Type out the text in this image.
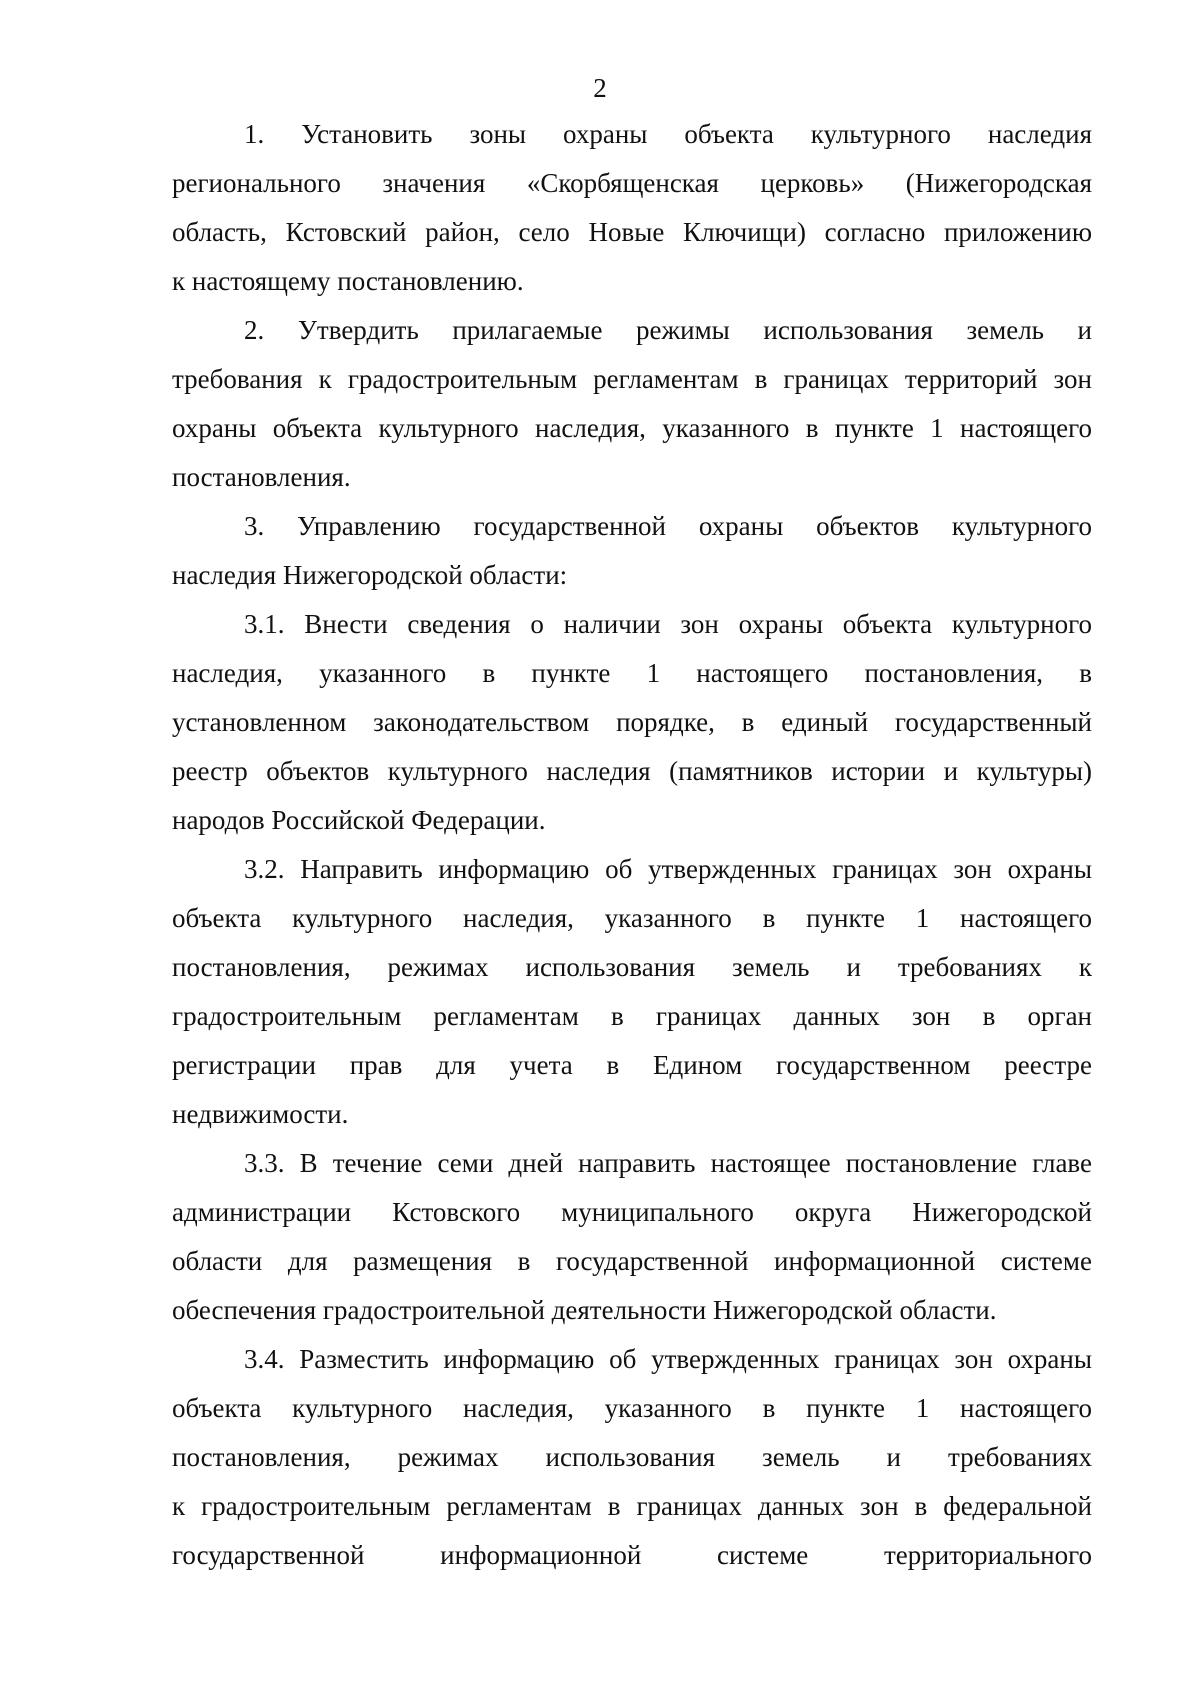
2
1. Установить зоны охраны объекта культурного наследия
регионального значения «Скорбященская церковь» (Нижегородская
область, Кстовский район, село Новые Ключищи) согласно приложению
к настоящему постановлению.
2. Утвердить прилагаемые режимы использования земель и
требования к градостроительным регламентам в границах территорий зон
охраны объекта культурного наследия, указанного в пункте 1 настоящего
постановления.
3. Управлению государственной охраны объектов культурного
наследия Нижегородской области:
3.1. Внести сведения о наличии зон охраны объекта культурного
наследия, указанного в пункте 1 настоящего постановления, в
установленном законодательством порядке, в единый государственный
реестр объектов культурного наследия (памятников истории и культуры)
народов Российской Федерации.
3.2. Направить информацию об утвержденных границах зон охраны
объекта культурного наследия, указанного в пункте 1 настоящего
постановления, режимах использования земель и требованиях к
градостроительным регламентам в границах данных зон в орган
регистрации прав для учета в Едином государственном реестре
недвижимости.
3.3. В течение семи дней направить настоящее постановление главе
администрации Кстовского муниципального округа Нижегородской
области для размещения в государственной информационной системе
обеспечения градостроительной деятельности Нижегородской области.
3.4. Разместить информацию об утвержденных границах зон охраны
объекта культурного наследия, указанного в пункте 1 настоящего
постановления, режимах использования земель и требованиях
к градостроительным регламентам в границах данных зон в федеральной
государственной информационной системе территориального
